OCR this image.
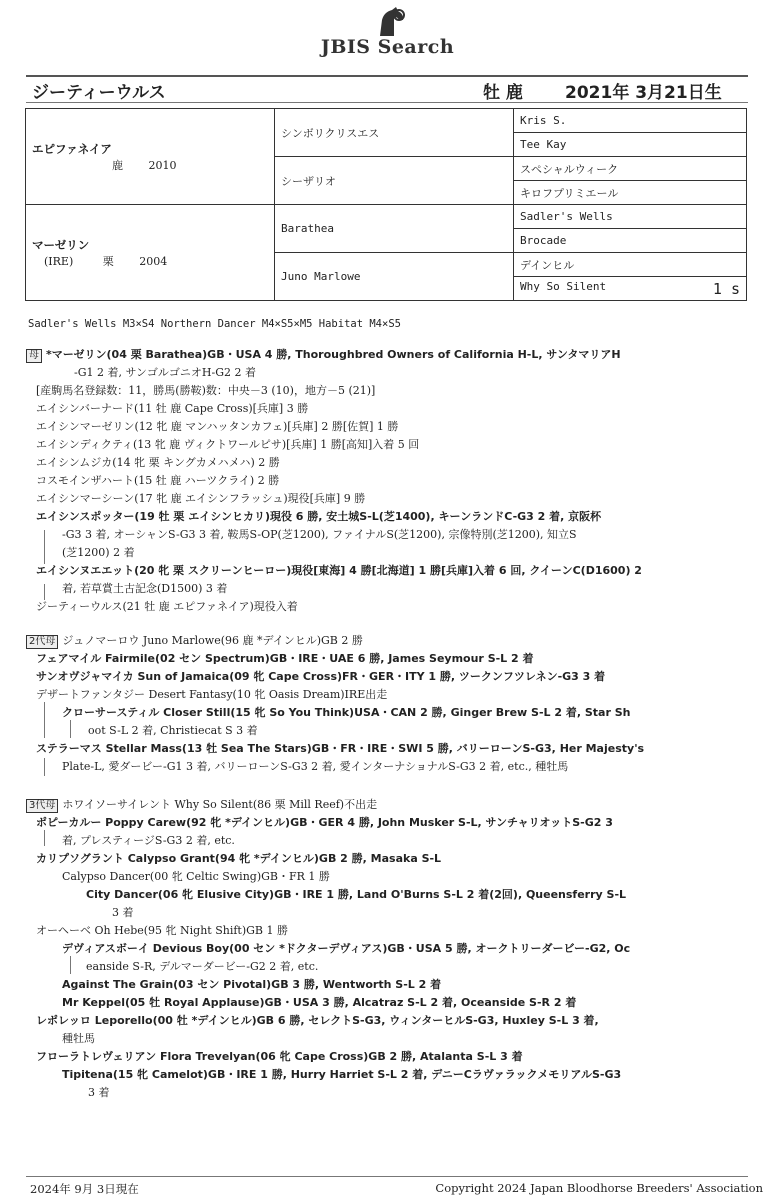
JBIS Search
ジーティーウルス	牡 鹿 2021年 3月21日生
エピファネイア
鹿 2010	シンボリクリスエス	Kris S.
		Tee Kay
	シーザリオ	スペシャルウィーク
		キロフプリミエール

マーゼリン
(IRE) 栗 2004	Barathea	Sadler's Wells
		Brocade
	Juno Marlowe	デインヒル
		Why So Silent 1 s
Sadler's Wells M3×S4 Northern Dancer M4×S5×M5 Habitat M4×S5
母 *マーゼリン(04 栗 Barathea)GB・USA 4 勝, Thoroughbred Owners of California H-L, サンタマリアH
-G1 2 着, サンゴルゴニオH-G2 2 着
[産駒馬名登録数：11，勝馬(勝鞍)数：中央－3 (10)，地方－5 (21)]
エイシンバーナード(11 牡 鹿 Cape Cross)[兵庫] 3 勝
エイシンマーゼリン(12 牝 鹿 マンハッタンカフェ)[兵庫] 2 勝[佐賀] 1 勝
エイシンディクティ(13 牝 鹿 ヴィクトワールピサ)[兵庫] 1 勝[高知]入着 5 回
エイシンムジカ(14 牝 栗 キングカメハメハ) 2 勝
コスモインザハート(15 牡 鹿 ハーツクライ) 2 勝
エイシンマーシーン(17 牝 鹿 エイシンフラッシュ)現役[兵庫] 9 勝
エイシンスポッター(19 牡 栗 エイシンヒカリ)現役 6 勝, 安土城S-L(芝1400), キーンランドC-G3 2 着, 京阪杯
-G3 3 着, オーシャンS-G3 3 着, 鞍馬S-OP(芝1200), ファイナルS(芝1200), 宗像特別(芝1200), 知立S
(芝1200) 2 着
エイシンヌエエット(20 牝 栗 スクリーンヒーロー)現役[東海] 4 勝[北海道] 1 勝[兵庫]入着 6 回, クイーンC(D1600) 2
着, 若草賞土古記念(D1500) 3 着
ジーティーウルス(21 牡 鹿 エピファネイア)現役入着
2代母 ジュノマーロウ Juno Marlowe(96 鹿 *デインヒル)GB 2 勝
フェアマイル Fairmile(02 セン Spectrum)GB・IRE・UAE 6 勝, James Seymour S-L 2 着
サンオヴジャマイカ Sun of Jamaica(09 牝 Cape Cross)FR・GER・ITY 1 勝, ツークンフツレネン-G3 3 着
デザートファンタジー Desert Fantasy(10 牝 Oasis Dream)IRE出走
クローサースティル Closer Still(15 牝 So You Think)USA・CAN 2 勝, Ginger Brew S-L 2 着, Star Sh
oot S-L 2 着, Christiecat S 3 着
ステラーマス Stellar Mass(13 牡 Sea The Stars)GB・FR・IRE・SWI 5 勝, バリーローンS-G3, Her Majesty's
Plate-L, 愛ダービー-G1 3 着, バリーローンS-G3 2 着, 愛インターナショナルS-G3 2 着, etc., 種牡馬
3代母 ホワイソーサイレント Why So Silent(86 栗 Mill Reef)不出走
ポピーカルー Poppy Carew(92 牝 *デインヒル)GB・GER 4 勝, John Musker S-L, サンチャリオットS-G2 3
着, プレスティージS-G3 2 着, etc.
カリプソグラント Calypso Grant(94 牝 *デインヒル)GB 2 勝, Masaka S-L
Calypso Dancer(00 牝 Celtic Swing)GB・FR 1 勝
City Dancer(06 牝 Elusive City)GB・IRE 1 勝, Land O'Burns S-L 2 着(2回), Queensferry S-L
3 着
オーヘーベ Oh Hebe(95 牝 Night Shift)GB 1 勝
デヴィアスボーイ Devious Boy(00 セン *ドクターデヴィアス)GB・USA 5 勝, オークトリーダービー-G2, Oc
eanside S-R, デルマーダービー-G2 2 着, etc.
Against The Grain(03 セン Pivotal)GB 3 勝, Wentworth S-L 2 着
Mr Keppel(05 牡 Royal Applause)GB・USA 3 勝, Alcatraz S-L 2 着, Oceanside S-R 2 着
レポレッロ Leporello(00 牡 *デインヒル)GB 6 勝, セレクトS-G3, ウィンターヒルS-G3, Huxley S-L 3 着,
種牡馬
フローラトレヴェリアン Flora Trevelyan(06 牝 Cape Cross)GB 2 勝, Atalanta S-L 3 着
Tipitena(15 牝 Camelot)GB・IRE 1 勝, Hurry Harriet S-L 2 着, デニーCラヴァラックメモリアルS-G3
3 着
2024年 9月 3日現在	Copyright 2024 Japan Bloodhorse Breeders' Association
